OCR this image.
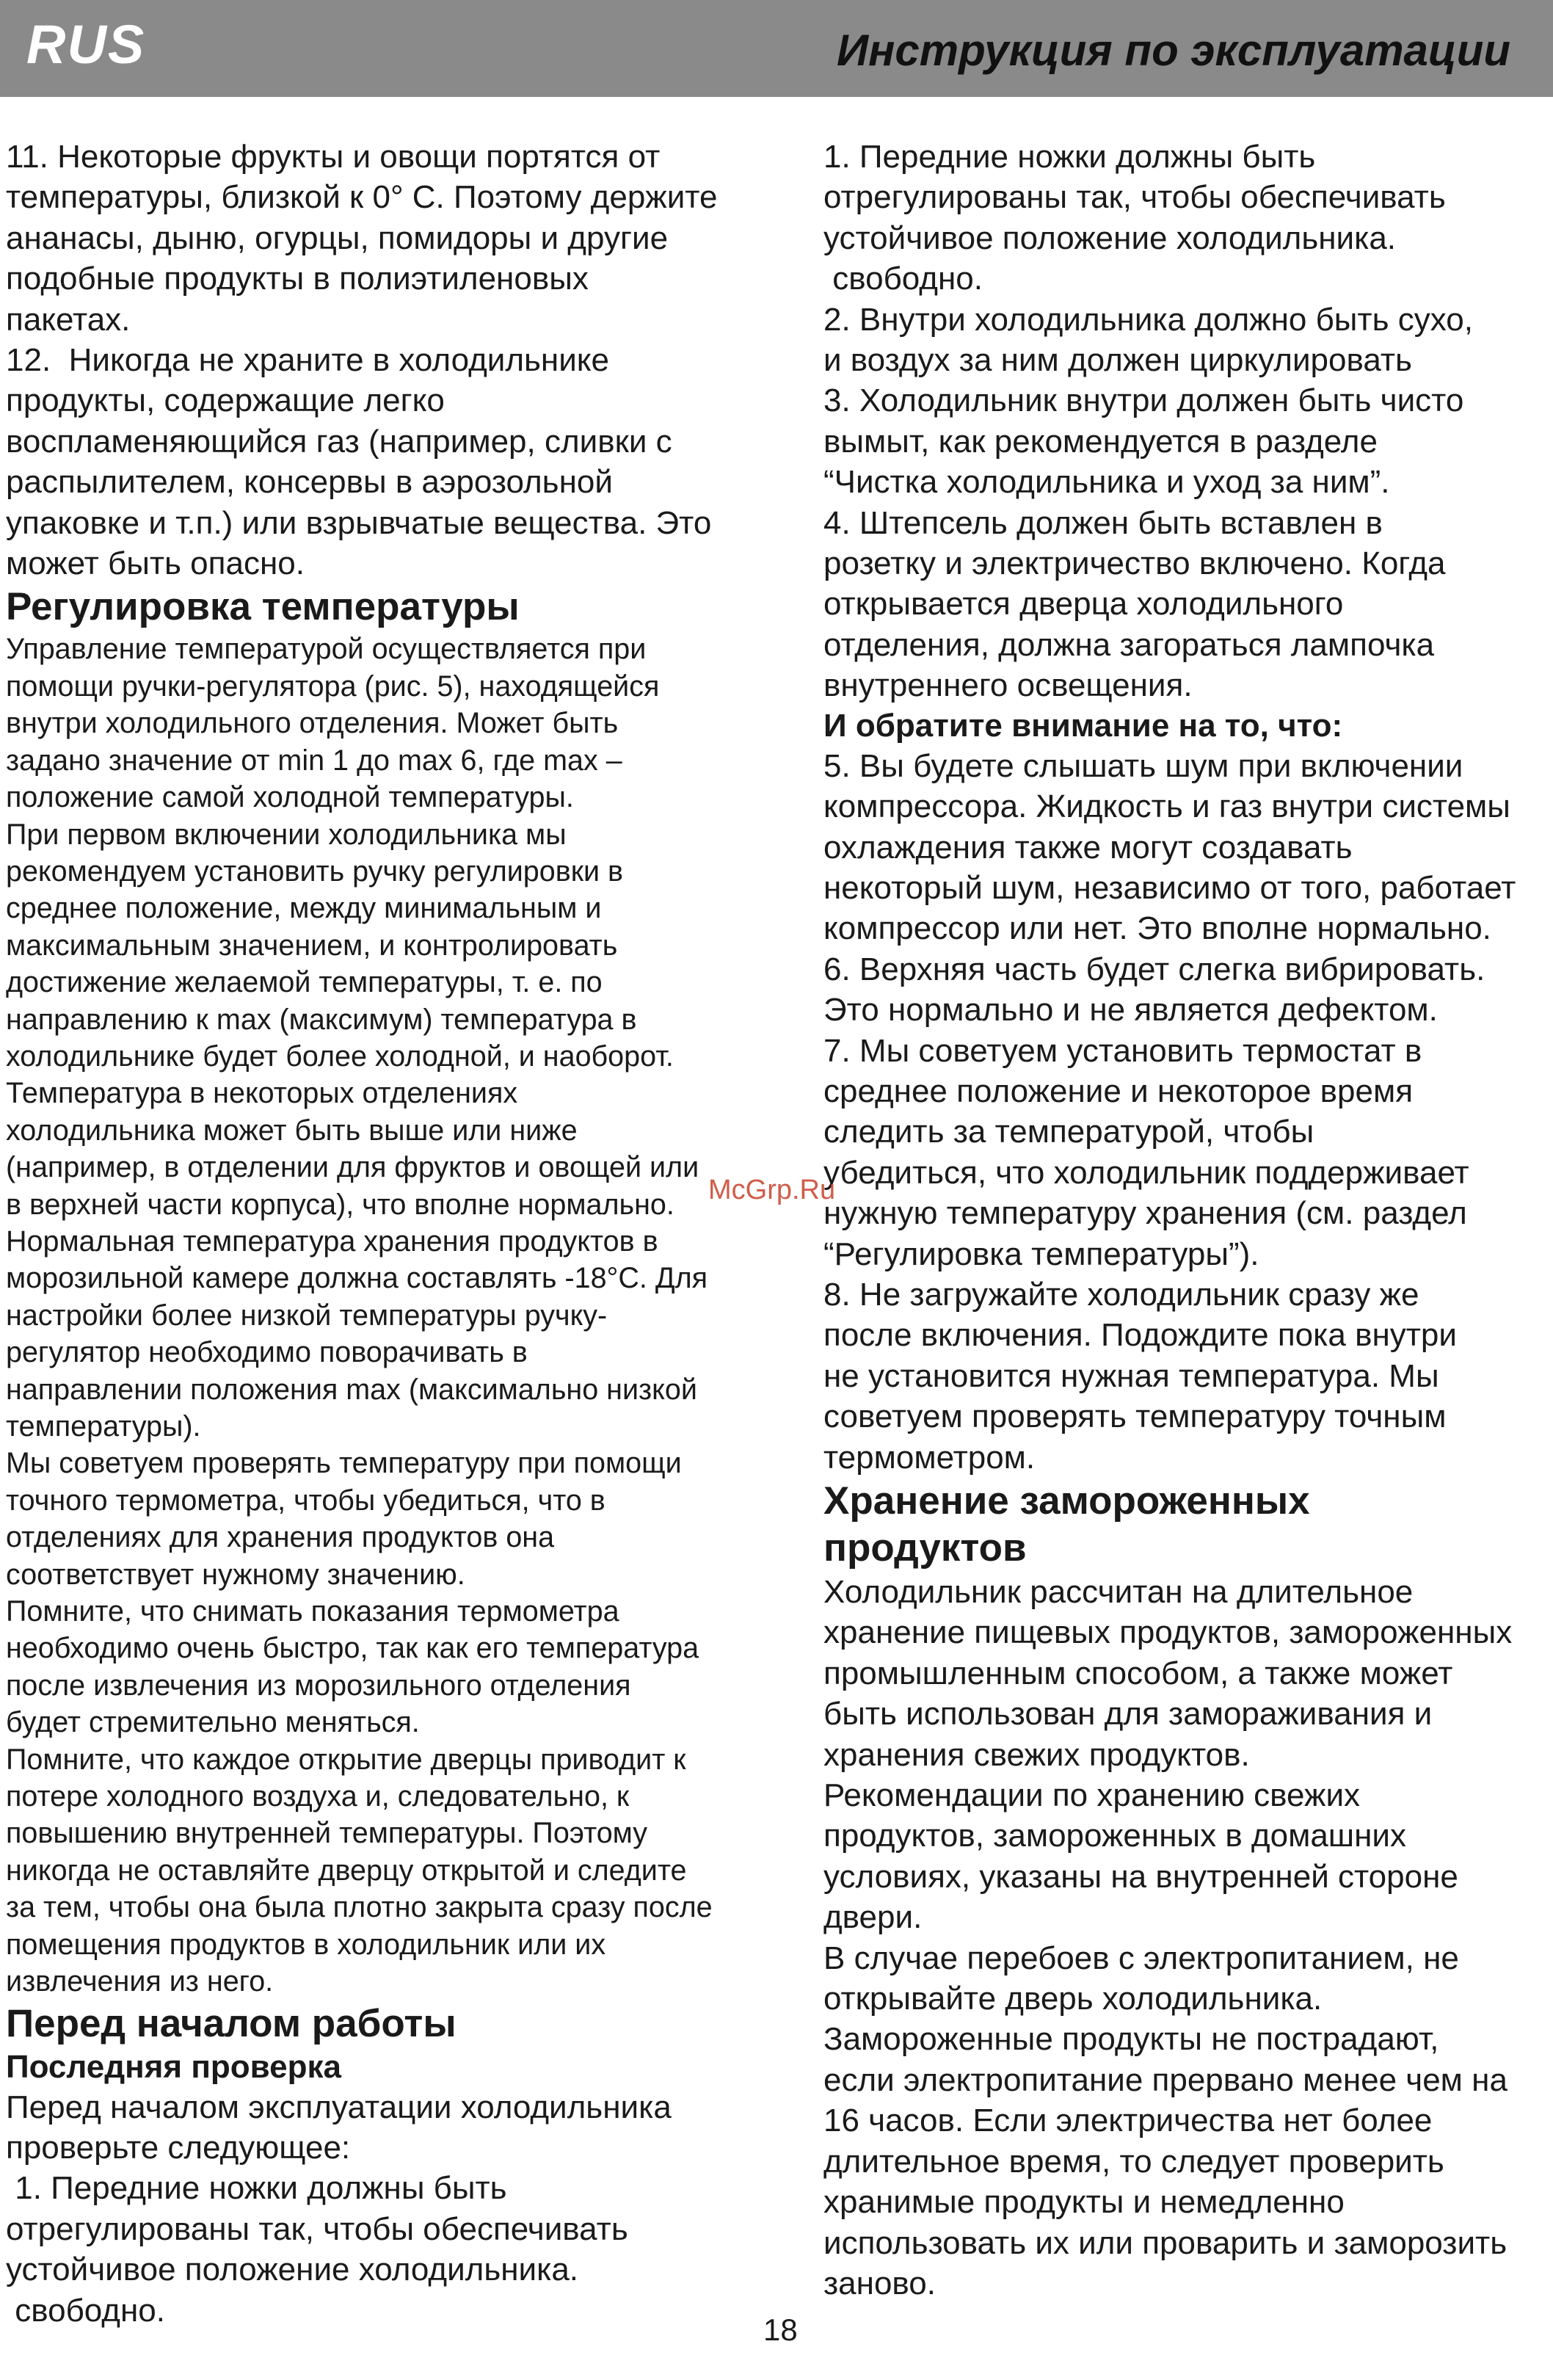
RUS	Инструкция по эксплуатации

11. Некоторые фрукты и овощи портятся от
температуры, близкой к 0° С. Поэтому держите
ананасы, дыню, огурцы, помидоры и другие
подобные продукты в полиэтиленовых
пакетах.

12.  Никогда не храните в холодильнике
продукты, содержащие легко
воспламеняющийся газ (например, сливки с
распылителем, консервы в аэрозольной
упаковке и т.п.) или взрывчатые вещества. Это
может быть опасно.

Регулировка температуры

Управление температурой осуществляется при
помощи ручки-регулятора (рис. 5), находящейся
внутри холодильного отделения. Может быть
задано значение от min 1 до max 6, где max –
положение самой холодной температуры.

При первом включении холодильника мы
рекомендуем установить ручку регулировки в
среднее положение, между минимальным и
максимальным значением, и контролировать
достижение желаемой температуры, т. е. по
направлению к max (максимум) температура в
холодильнике будет более холодной, и наоборот.

Температура в некоторых отделениях
холодильника может быть выше или ниже
(например, в отделении для фруктов и овощей или
в верхней части корпуса), что вполне нормально.

Нормальная температура хранения продуктов в
морозильной камере должна составлять -18°С. Для
настройки более низкой температуры ручку-
регулятор необходимо поворачивать в
направлении положения max (максимально низкой
температуры).

Мы советуем проверять температуру при помощи
точного термометра, чтобы убедиться, что в
отделениях для хранения продуктов она
соответствует нужному значению.

Помните, что снимать показания термометра
необходимо очень быстро, так как его температура
после извлечения из морозильного отделения
будет стремительно меняться.

Помните, что каждое открытие дверцы приводит к
потере холодного воздуха и, следовательно, к
повышению внутренней температуры. Поэтому
никогда не оставляйте дверцу открытой и следите
за тем, чтобы она была плотно закрыта сразу после
помещения продуктов в холодильник или их
извлечения из него.

Перед началом работы

Последняя проверка

Перед началом эксплуатации холодильника
проверьте следующее:

1. Передние ножки должны быть
отрегулированы так, чтобы обеспечивать
устойчивое положение холодильника.
свободно.

1. Передние ножки должны быть
отрегулированы так, чтобы обеспечивать
устойчивое положение холодильника.
свободно.

2. Внутри холодильника должно быть сухо,
и воздух за ним должен циркулировать

3. Холодильник внутри должен быть чисто
вымыт, как рекомендуется в разделе
“Чистка холодильника и уход за ним”.

4. Штепсель должен быть вставлен в
розетку и электричество включено. Когда
открывается дверца холодильного
отделения, должна загораться лампочка
внутреннего освещения.

И обратите внимание на то, что:

5. Вы будете слышать шум при включении
компрессора. Жидкость и газ внутри системы
охлаждения также могут создавать
некоторый шум, независимо от того, работает
компрессор или нет. Это вполне нормально.

6. Верхняя часть будет слегка вибрировать.
Это нормально и не является дефектом.

7. Мы советуем установить термостат в
среднее положение и некоторое время
следить за температурой, чтобы
убедиться, что холодильник поддерживает
нужную температуру хранения (см. раздел
“Регулировка температуры”).

8. Не загружайте холодильник сразу же
после включения. Подождите пока внутри
не установится нужная температура. Мы
советуем проверять температуру точным
термометром.

Хранение замороженных
продуктов

Холодильник рассчитан на длительное
хранение пищевых продуктов, замороженных
промышленным способом, а также может
быть использован для замораживания и
хранения свежих продуктов.

Рекомендации по хранению свежих
продуктов, замороженных в домашних
условиях, указаны на внутренней стороне
двери.

В случае перебоев с электропитанием, не
открывайте дверь холодильника.

Замороженные продукты не пострадают,
если электропитание прервано менее чем на
16 часов. Если электричества нет более
длительное время, то следует проверить
хранимые продукты и немедленно
использовать их или проварить и заморозить
заново.

McGrp.Ru
18
